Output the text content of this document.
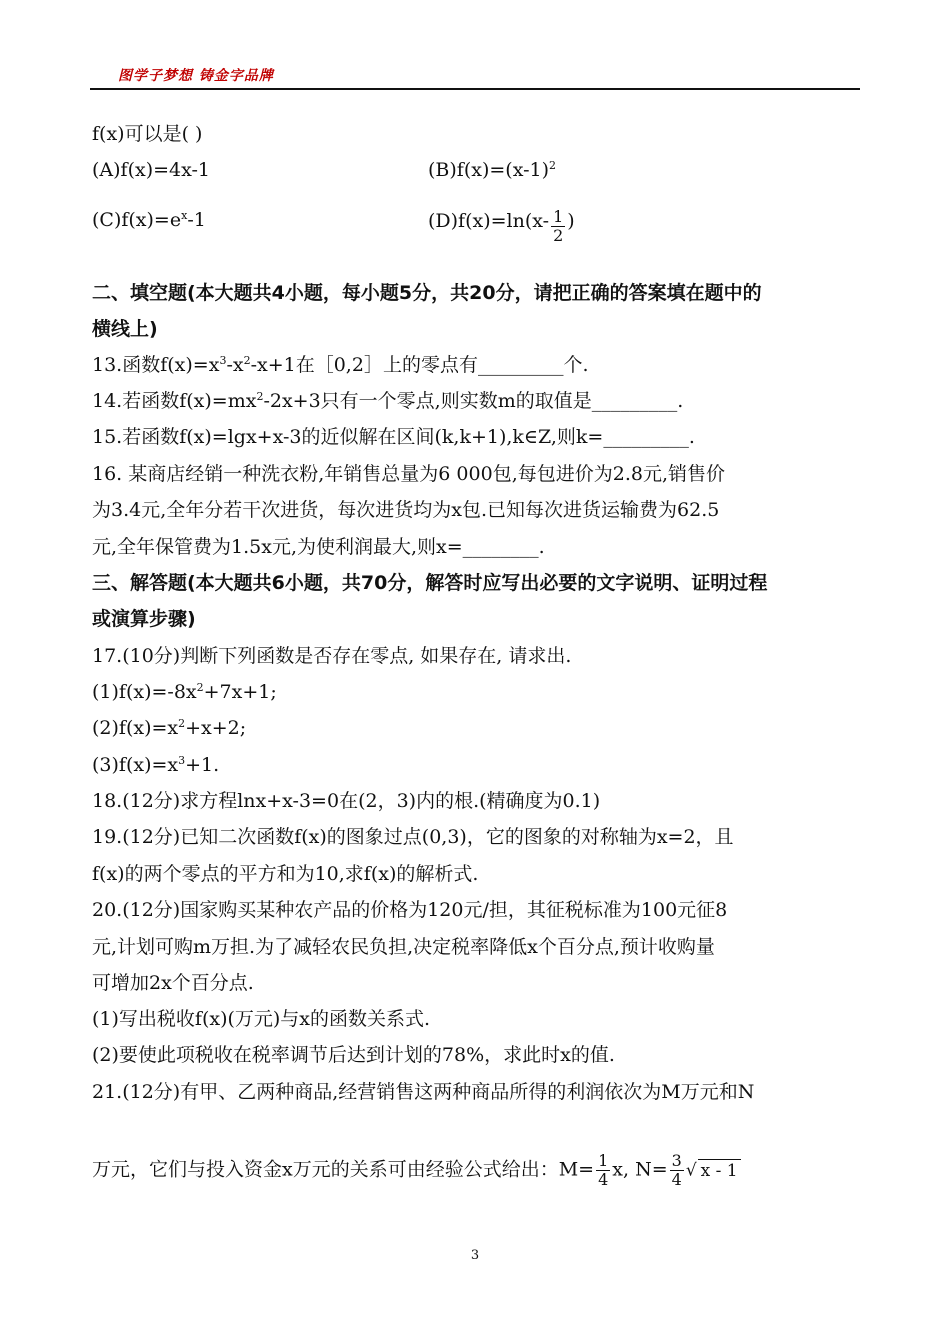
图学子梦想 铸金字品牌
f(x)可以是( )
(A)f(x)=4x-1	$(B)f(x)=(x-1)^2$
$(C)f(x)=e^x-1$	$(D)f(x)=\ln(x- \frac{1}{2}$ )
二、填空题(本大题共4小题，每小题5分，共20分，请把正确的答案填在题中的
横线上)
13.函数$f(x)=x^3-x^2-x+1$在［0,2］上的零点有_________个.
14.若函数$f(x)=mx^2-2x+3$只有一个零点,则实数m的取值是_________.
15.若函数f(x)=lgx+x-3的近似解在区间(k,k+1),k∈Z,则k=_________.
16. 某商店经销一种洗衣粉,年销售总量为6 000包,每包进价为2.8元,销售价
为3.4元,全年分若干次进货，每次进货均为x包.已知每次进货运输费为62.5
元,全年保管费为1.5x元,为使利润最大,则x=________.
三、解答题(本大题共6小题，共70分，解答时应写出必要的文字说明、证明过程
或演算步骤)
17.(10分)判断下列函数是否存在零点, 如果存在, 请求出.
$(1)f(x)=-8x^2+7x+1$;
$(2)f(x)=x^2+x+2$;
$(3)f(x)=x^3+1$.
18.(12分)求方程lnx+x-3=0在(2，3)内的根.(精确度为0.1)
19.(12分)已知二次函数f(x)的图象过点(0,3)，它的图象的对称轴为x=2，且
f(x)的两个零点的平方和为10,求f(x)的解析式.
20.(12分)国家购买某种农产品的价格为120元/担，其征税标准为100元征8
元,计划可购m万担.为了减轻农民负担,决定税率降低x个百分点,预计收购量
可增加2x个百分点.
(1)写出税收f(x)(万元)与x的函数关系式.
(2)要使此项税收在税率调节后达到计划的78%，求此时x的值.
21.(12分)有甲、乙两种商品,经营销售这两种商品所得的利润依次为M万元和N
万元，它们与投入资金x万元的关系可由经验公式给出：$M= \frac{1}{4} x$, $N= \frac{3}{4}$ √ x - 1
3
